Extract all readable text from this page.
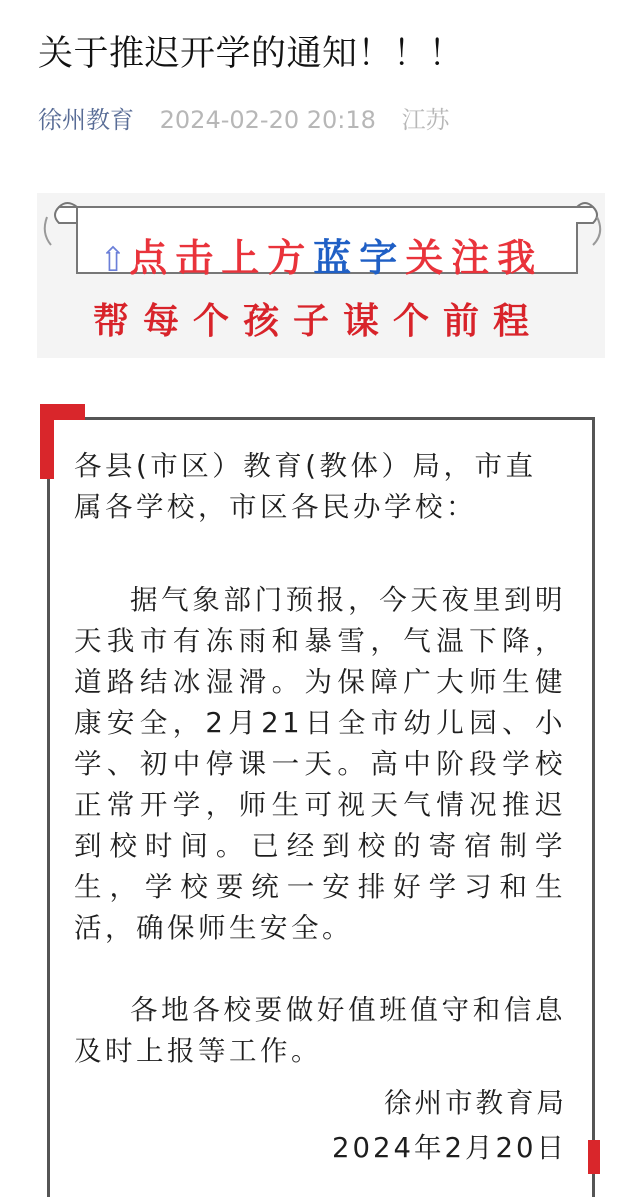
关于推迟开学的通知！！！
徐州教育 2024-02-20 20:18 江苏
⇧点击上方蓝字关注我
帮每个孩子谋个前程
各县(市区）教育(教体）局，市直属各学校，市区各民办学校：
据气象部门预报，今天夜里到明天我市有冻雨和暴雪，气温下降，道路结冰湿滑。为保障广大师生健康安全，2月21日全市幼儿园、小学、初中停课一天。高中阶段学校正常开学，师生可视天气情况推迟到校时间。已经到校的寄宿制学生，学校要统一安排好学习和生活，确保师生安全。
各地各校要做好值班值守和信息及时上报等工作。
徐州市教育局
2024年2月20日
